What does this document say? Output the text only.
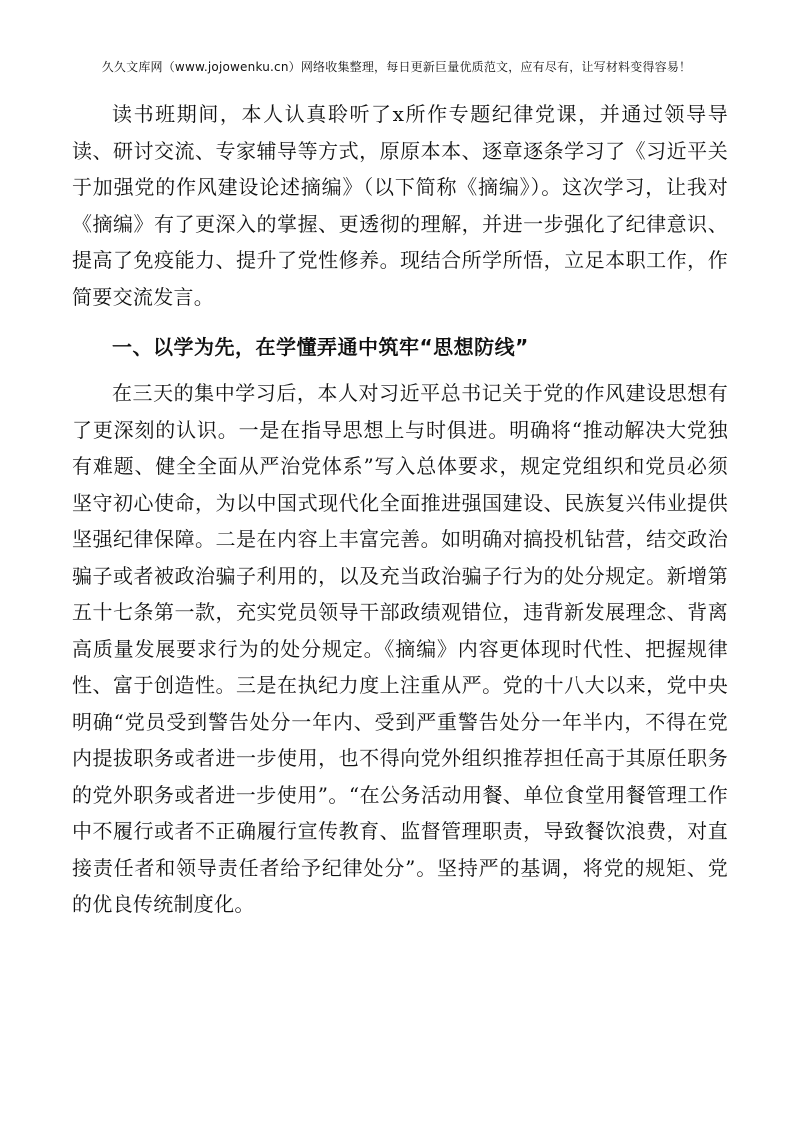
久久文库网（www.jojowenku.cn）网络收集整理，每日更新巨量优质范文，应有尽有，让写材料变得容易！

读书班期间，本人认真聆听了x所作专题纪律党课，并通过领导导读、研讨交流、专家辅导等方式，原原本本、逐章逐条学习了《习近平关于加强党的作风建设论述摘编》（以下简称《摘编》）。这次学习，让我对《摘编》有了更深入的掌握、更透彻的理解，并进一步强化了纪律意识、提高了免疫能力、提升了党性修养。现结合所学所悟，立足本职工作，作简要交流发言。

一、以学为先，在学懂弄通中筑牢“思想防线”

在三天的集中学习后，本人对习近平总书记关于党的作风建设思想有了更深刻的认识。一是在指导思想上与时俱进。明确将“推动解决大党独有难题、健全全面从严治党体系”写入总体要求，规定党组织和党员必须坚守初心使命，为以中国式现代化全面推进强国建设、民族复兴伟业提供坚强纪律保障。二是在内容上丰富完善。如明确对搞投机钻营，结交政治骗子或者被政治骗子利用的，以及充当政治骗子行为的处分规定。新增第五十七条第一款，充实党员领导干部政绩观错位，违背新发展理念、背离高质量发展要求行为的处分规定。《摘编》内容更体现时代性、把握规律性、富于创造性。三是在执纪力度上注重从严。党的十八大以来，党中央明确“党员受到警告处分一年内、受到严重警告处分一年半内，不得在党内提拔职务或者进一步使用，也不得向党外组织推荐担任高于其原任职务的党外职务或者进一步使用”。“在公务活动用餐、单位食堂用餐管理工作中不履行或者不正确履行宣传教育、监督管理职责，导致餐饮浪费，对直接责任者和领导责任者给予纪律处分”。坚持严的基调，将党的规矩、党的优良传统制度化。
